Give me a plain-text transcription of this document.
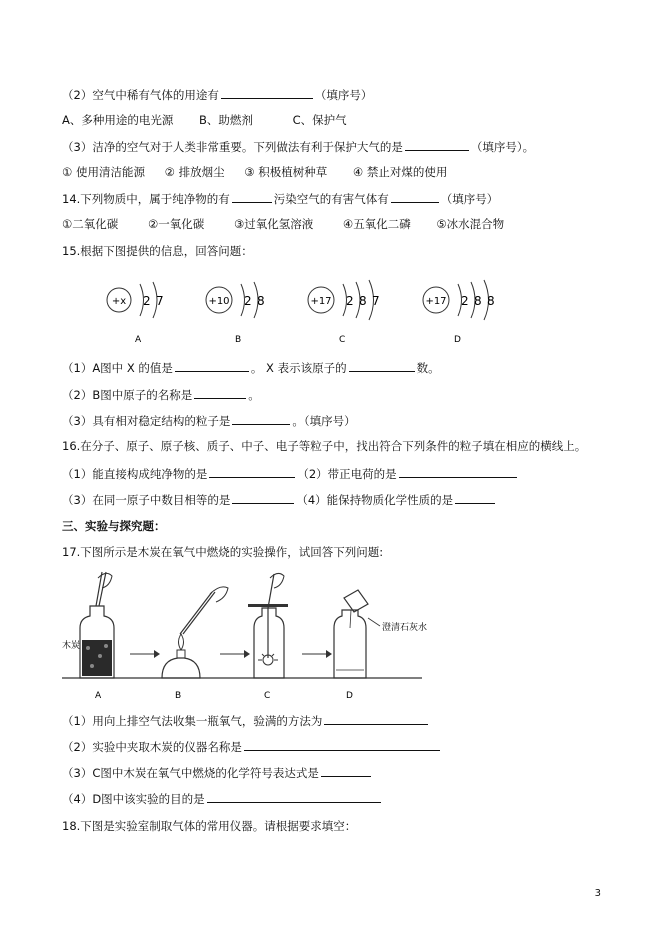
（2）空气中稀有气体的用途有	（填序号）
A、多种用途的电光源 B、助燃剂	C、保护气
（3）洁净的空气对于人类非常重要。下列做法有利于保护大气的是	（填序号）。
① 使用清洁能源 ② 排放烟尘 ③ 积极植树种草 ④ 禁止对煤的使用
14.下列物质中，属于纯净物的有	污染空气的有害气体有	（填序号）
①二氧化碳	②一氧化碳	③过氧化氢溶液	④五氧化二磷 ⑤冰水混合物
15.根据下图提供的信息，回答问题：
+x 2 7
A
+10 2 8
B
+17 2 8 7
C
+17 2 8 8
D
（1）A图中 X 的值是	。 X 表示该原子的	数。
（2）B图中原子的名称是	。
（3）具有相对稳定结构的粒子是	。（填序号）
16.在分子、原子、原子核、质子、中子、电子等粒子中，找出符合下列条件的粒子填在相应的横线上。
（1）能直接构成纯净物的是	（2）带正电荷的是
（3）在同一原子中数目相等的是	（4）能保持物质化学性质的是
三、实验与探究题：
17.下图所示是木炭在氧气中燃烧的实验操作，试回答下列问题:
木炭
A	B	C	D
澄清石灰水
（1）用向上排空气法收集一瓶氧气，验满的方法为
（2）实验中夹取木炭的仪器名称是
（3）C图中木炭在氧气中燃烧的化学符号表达式是
（4）D图中该实验的目的是
18.下图是实验室制取气体的常用仪器。请根据要求填空：
3
